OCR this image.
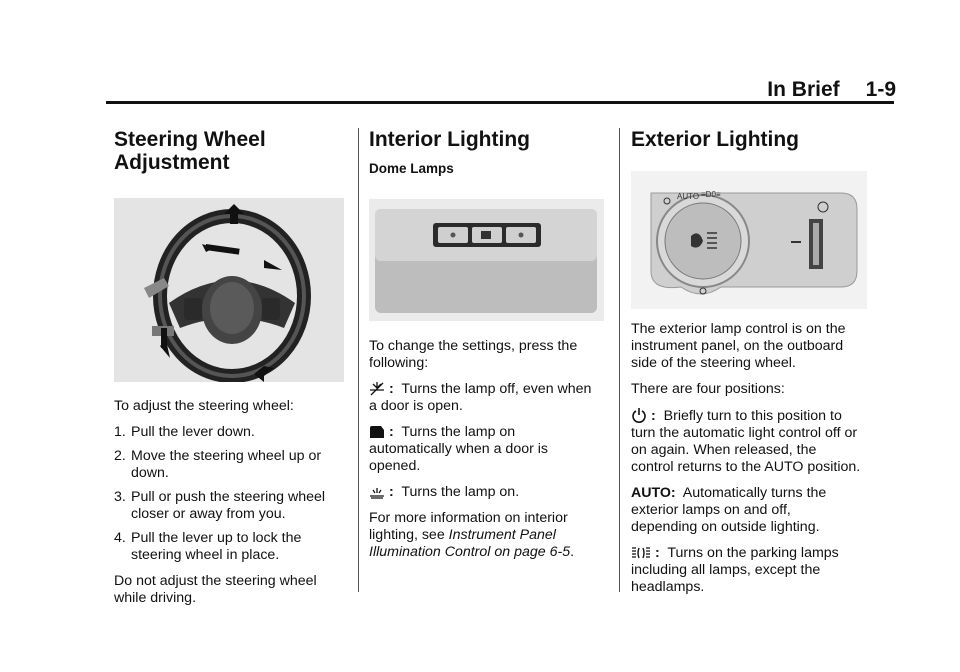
In Brief 1-9
Steering Wheel
Adjustment

To adjust the steering wheel:

1. Pull the lever down.
2. Move the steering wheel up or down.
3. Pull or push the steering wheel closer or away from you.
4. Pull the lever up to lock the steering wheel in place.

Do not adjust the steering wheel while driving.

Interior Lighting
Dome Lamps

To change the settings, press the following:

: Turns the lamp off, even when a door is open.

: Turns the lamp on automatically when a door is opened.

: Turns the lamp on.

For more information on interior lighting, see Instrument Panel Illumination Control on page 6-5.

Exterior Lighting
AUTO ≡D0≡

The exterior lamp control is on the instrument panel, on the outboard side of the steering wheel.

There are four positions:

: Briefly turn to this position to turn the automatic light control off or on again. When released, the control returns to the AUTO position.

AUTO: Automatically turns the exterior lamps on and off, depending on outside lighting.

: Turns on the parking lamps including all lamps, except the headlamps.
